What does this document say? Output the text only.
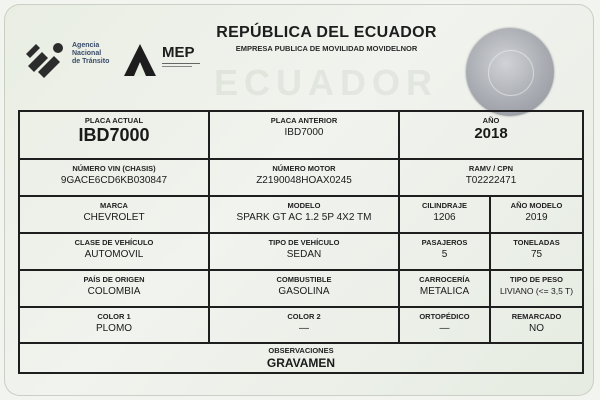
ECUADOR
Agencia
Nacional
de Tránsito
MEP
REPÚBLICA DEL ECUADOR
EMPRESA PUBLICA DE MOVILIDAD MOVIDELNOR
PLACA ACTUAL
IBD7000
PLACA ANTERIOR
IBD7000
AÑO
2018
NÚMERO VIN (CHASIS)
9GACE6CD6KB030847
NÚMERO MOTOR
Z2190048HOAX0245
RAMV / CPN
T02222471
MARCA
CHEVROLET
MODELO
SPARK GT AC 1.2 5P 4X2 TM
CILINDRAJE
1206
AÑO MODELO
2019
CLASE DE VEHÍCULO
AUTOMOVIL
TIPO DE VEHÍCULO
SEDAN
PASAJEROS
5
TONELADAS
75
PAÍS DE ORIGEN
COLOMBIA
COMBUSTIBLE
GASOLINA
CARROCERÍA
METALICA
TIPO DE PESO
LIVIANO (<= 3,5 T)
COLOR 1
PLOMO
COLOR 2
—
ORTOPÉDICO
—
REMARCADO
NO
OBSERVACIONES
GRAVAMEN
